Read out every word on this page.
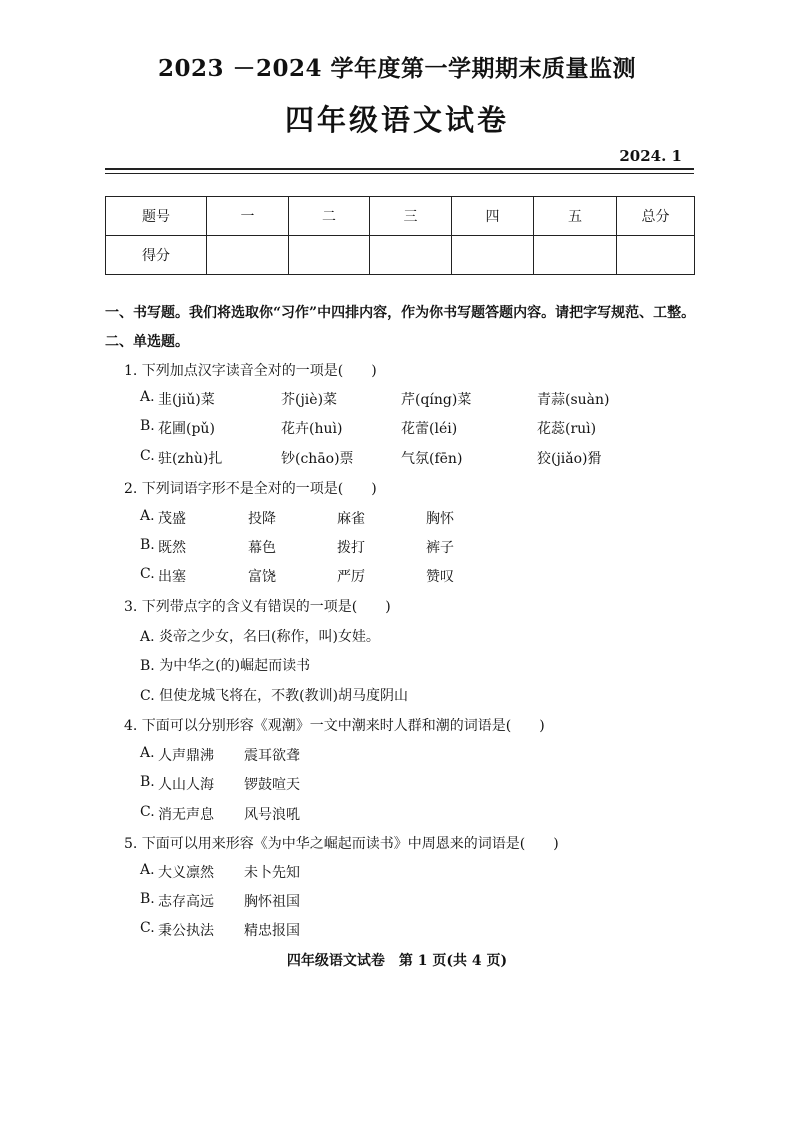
2023 －2024 学年度第一学期期末质量监测
四年级语文试卷
2024. 1
题号	一	二	三	四	五	总分
得分						
一、书写题。我们将选取你“习作”中四排内容，作为你书写题答题内容。请把字写规范、工整。
二、单选题。
1. 下列加点汉字读音全对的一项是(　　)
A. 韭(jiǔ)菜	芥(jiè)菜	芹(qíng)菜	青蒜(suàn)
B. 花圃(pǔ)	花卉(huì)	花蕾(léi)	花蕊(ruì)
C. 驻(zhù)扎	钞(chāo)票	气氛(fēn)	狡(jiǎo)猾
2. 下列词语字形不是全对的一项是(　　)
A. 茂盛	投降	麻雀	胸怀
B. 既然	幕色	拨打	裤子
C. 出塞	富饶	严厉	赞叹
3. 下列带点字的含义有错误的一项是(　　)
A. 炎帝之少女，名曰(称作，叫)女娃。
B. 为中华之(的)崛起而读书
C. 但使龙城飞将在，不教(教训)胡马度阴山
4. 下面可以分别形容《观潮》一文中潮来时人群和潮的词语是(　　)
A. 人声鼎沸 震耳欲聋
B. 人山人海 锣鼓喧天
C. 消无声息 风号浪吼
5. 下面可以用来形容《为中华之崛起而读书》中周恩来的词语是(　　)
A. 大义凛然 未卜先知
B. 志存高远 胸怀祖国
C. 秉公执法 精忠报国
四年级语文试卷　第 1 页(共 4 页)
